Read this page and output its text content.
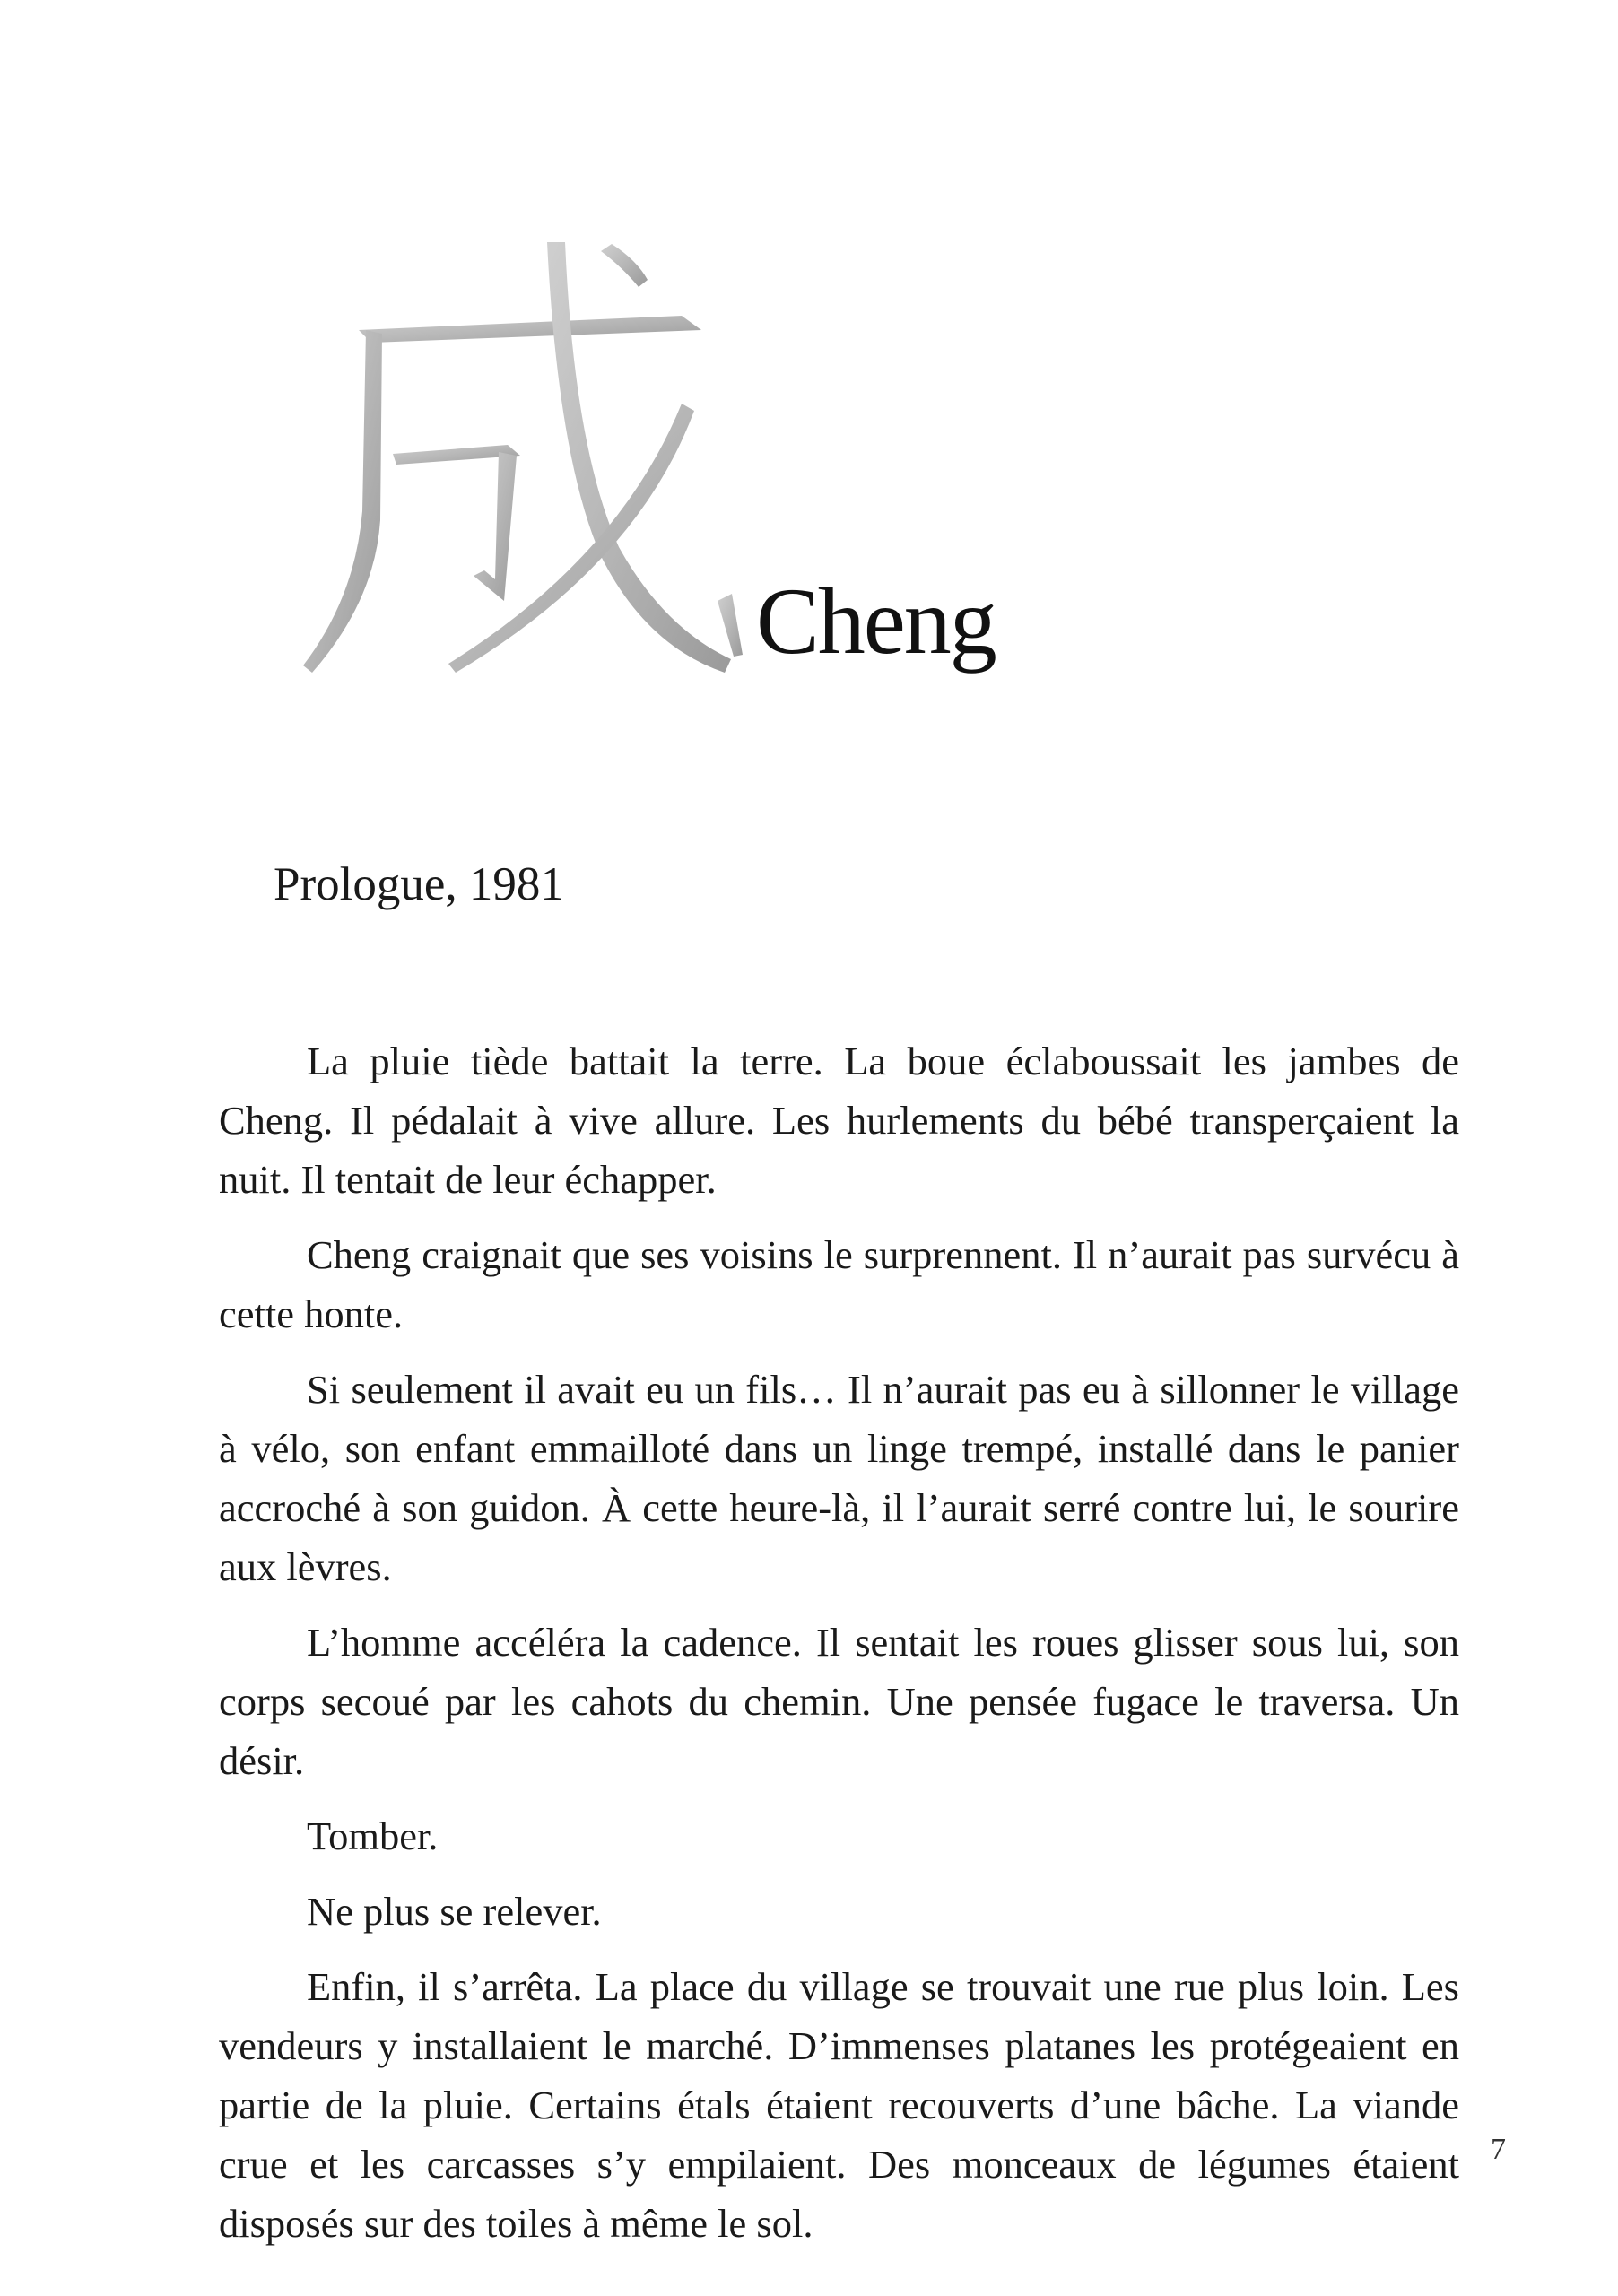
Cheng
Prologue, 1981

La pluie tiède battait la terre. La boue éclaboussait les jambes de Cheng. Il pédalait à vive allure. Les hurlements du bébé transperçaient la nuit. Il tentait de leur échapper.

Cheng craignait que ses voisins le surprennent. Il n’aurait pas survécu à cette honte.

Si seulement il avait eu un fils… Il n’aurait pas eu à sillonner le village à vélo, son enfant emmailloté dans un linge trempé, installé dans le panier accroché à son guidon. À cette heure-là, il l’aurait serré contre lui, le sourire aux lèvres.

L’homme accéléra la cadence. Il sentait les roues glisser sous lui, son corps secoué par les cahots du chemin. Une pensée fugace le traversa. Un désir.

Tomber.

Ne plus se relever.

Enfin, il s’arrêta. La place du village se trouvait une rue plus loin. Les vendeurs y installaient le marché. D’immenses platanes les protégeaient en partie de la pluie. Certains étals étaient recouverts d’une bâche. La viande crue et les carcasses s’y empilaient. Des monceaux de légumes étaient disposés sur des toiles à même le sol.

7
